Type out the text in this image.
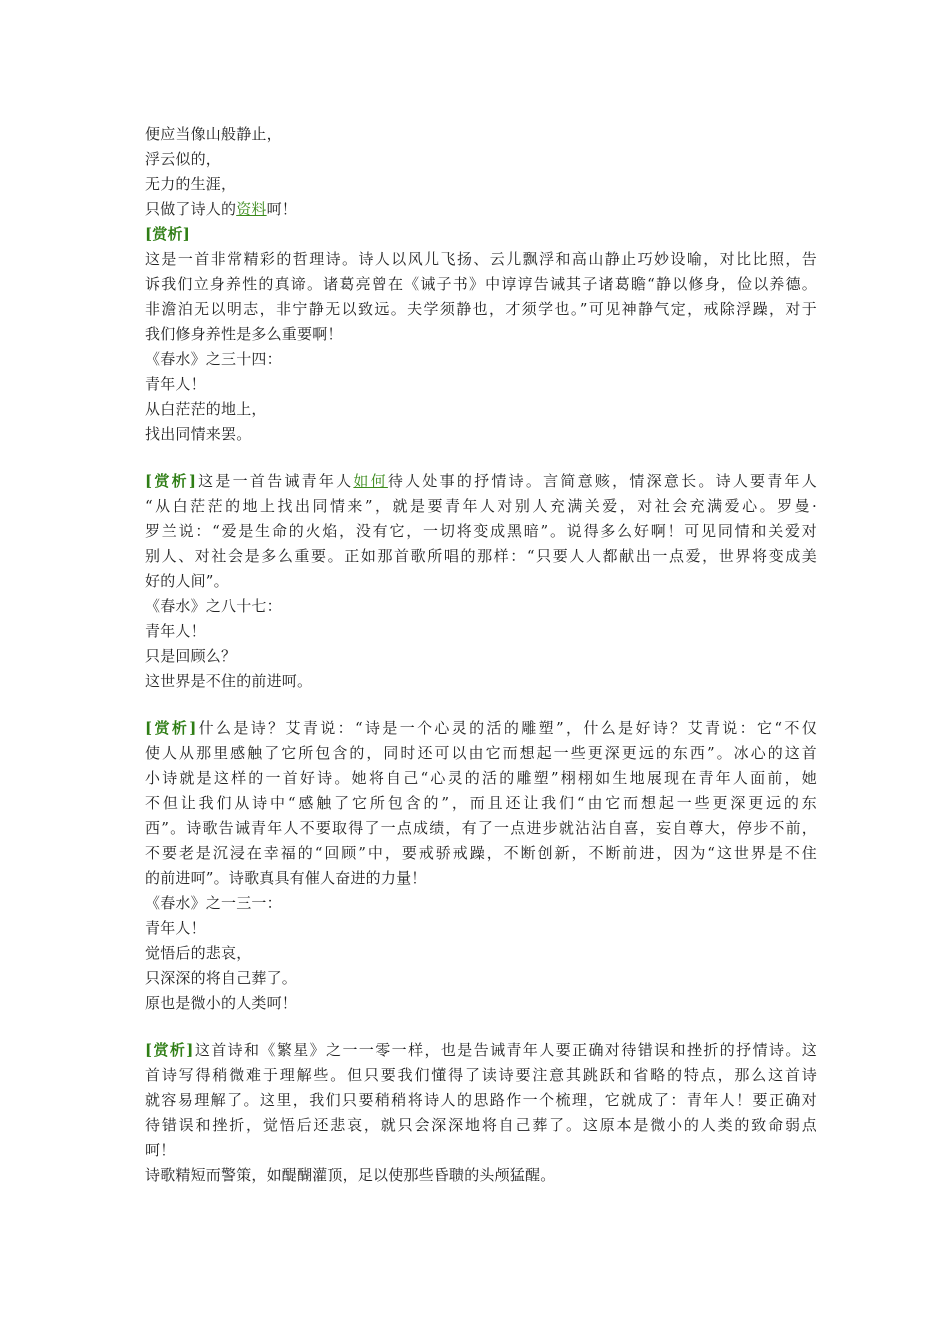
便应当像山般静止，
浮云似的，
无力的生涯，
只做了诗人的资料呵！
[赏析]
这是一首非常精彩的哲理诗。诗人以风儿飞扬、云儿飘浮和高山静止巧妙设喻，对比比照，告
诉我们立身养性的真谛。诸葛亮曾在《诫子书》中谆谆告诫其子诸葛瞻“静以修身，俭以养德。
非澹泊无以明志，非宁静无以致远。夫学须静也，才须学也。”可见神静气定，戒除浮躁，对于
我们修身养性是多么重要啊！
《春水》之三十四：
青年人！
从白茫茫的地上，
找出同情来罢。
[赏析]这是一首告诫青年人如何待人处事的抒情诗。言简意赅，情深意长。诗人要青年人
“从白茫茫的地上找出同情来”，就是要青年人对别人充满关爱，对社会充满爱心。罗曼·
罗兰说：“爱是生命的火焰，没有它，一切将变成黑暗”。说得多么好啊！可见同情和关爱对
别人、对社会是多么重要。正如那首歌所唱的那样：“只要人人都献出一点爱，世界将变成美
好的人间”。
《春水》之八十七：
青年人！
只是回顾么？
这世界是不住的前进呵。
[赏析]什么是诗？艾青说：“诗是一个心灵的活的雕塑”，什么是好诗？艾青说：它“不仅
使人从那里感触了它所包含的，同时还可以由它而想起一些更深更远的东西”。冰心的这首
小诗就是这样的一首好诗。她将自己“心灵的活的雕塑”栩栩如生地展现在青年人面前，她
不但让我们从诗中“感触了它所包含的”，而且还让我们“由它而想起一些更深更远的东
西”。诗歌告诫青年人不要取得了一点成绩，有了一点进步就沾沾自喜，妄自尊大，停步不前，
不要老是沉浸在幸福的“回顾”中，要戒骄戒躁，不断创新，不断前进，因为“这世界是不住
的前进呵”。诗歌真具有催人奋进的力量！
《春水》之一三一：
青年人！
觉悟后的悲哀，
只深深的将自己葬了。
原也是微小的人类呵！
[赏析]这首诗和《繁星》之一一零一样，也是告诫青年人要正确对待错误和挫折的抒情诗。这
首诗写得稍微难于理解些。但只要我们懂得了读诗要注意其跳跃和省略的特点，那么这首诗
就容易理解了。这里，我们只要稍稍将诗人的思路作一个梳理，它就成了：青年人！要正确对
待错误和挫折，觉悟后还悲哀，就只会深深地将自己葬了。这原本是微小的人类的致命弱点
呵！
诗歌精短而警策，如醍醐灌顶，足以使那些昏聩的头颅猛醒。
